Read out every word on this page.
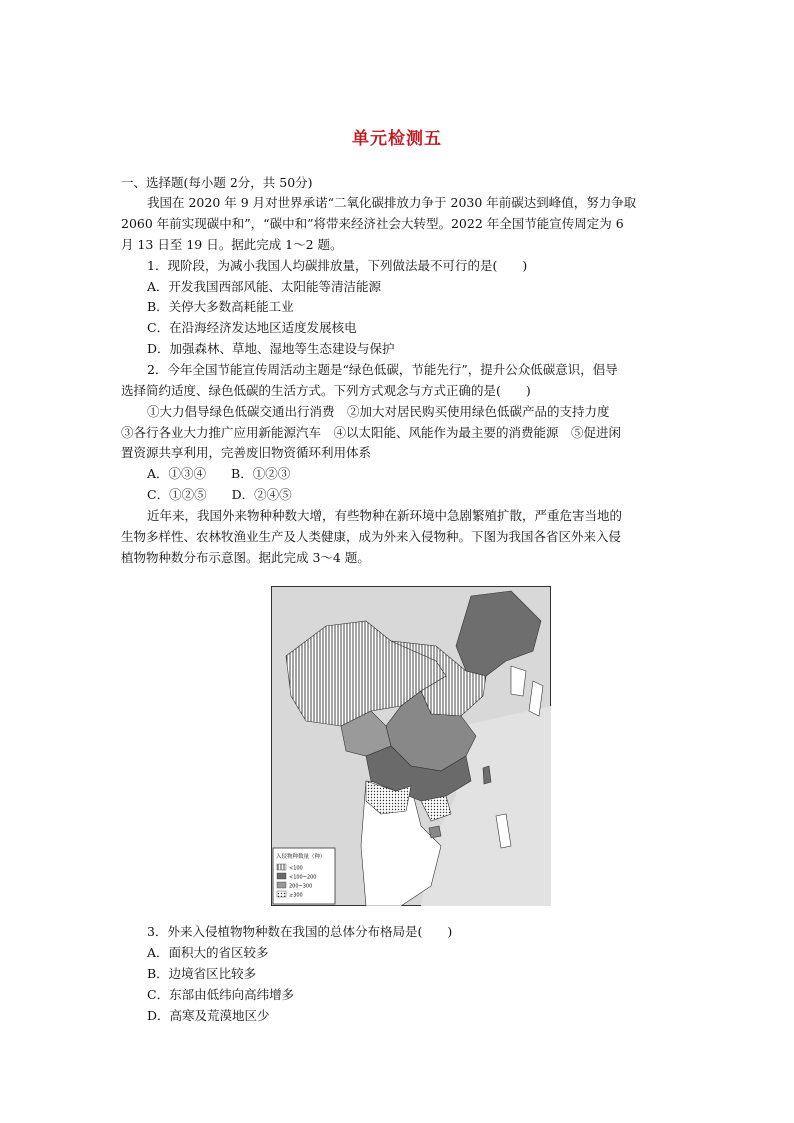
单元检测五
一、选择题(每小题 2分，共 50分)
我国在 2020 年 9 月对世界承诺“二氧化碳排放力争于 2030 年前碳达到峰值，努力争取
2060 年前实现碳中和”，“碳中和”将带来经济社会大转型。2022 年全国节能宣传周定为 6
月 13 日至 19 日。据此完成 1～2 题。
1．现阶段，为减小我国人均碳排放量，下列做法最不可行的是(　　)
A．开发我国西部风能、太阳能等清洁能源
B．关停大多数高耗能工业
C．在沿海经济发达地区适度发展核电
D．加强森林、草地、湿地等生态建设与保护
2．今年全国节能宣传周活动主题是“绿色低碳，节能先行”，提升公众低碳意识，倡导
选择简约适度、绿色低碳的生活方式。下列方式观念与方式正确的是(　　)
①大力倡导绿色低碳交通出行消费　②加大对居民购买使用绿色低碳产品的支持力度
③各行各业大力推广应用新能源汽车　④以太阳能、风能作为最主要的消费能源　⑤促进闲
置资源共享利用，完善废旧物资循环利用体系
A．①③④　　B．①②③
C．①②⑤　　D．②④⑤
近年来，我国外来物种种数大增，有些物种在新环境中急剧繁殖扩散，严重危害当地的
生物多样性、农林牧渔业生产及人类健康，成为外来入侵物种。下图为我国各省区外来入侵
植物物种数分布示意图。据此完成 3～4 题。
入侵物种数量（种）
<100
<100~200
200~300
≥300
3．外来入侵植物物种数在我国的总体分布格局是(　　)
A．面积大的省区较多
B．边境省区比较多
C．东部由低纬向高纬增多
D．高寒及荒漠地区少
